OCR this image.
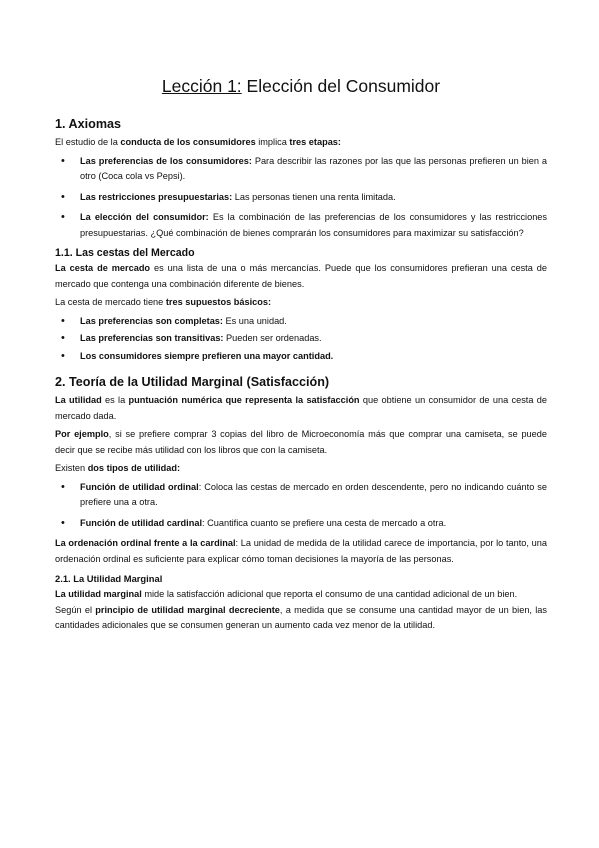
Lección 1: Elección del Consumidor
1. Axiomas

El estudio de la conducta de los consumidores implica tres etapas:

• Las preferencias de los consumidores: Para describir las razones por las que las personas prefieren un bien a otro (Coca cola vs Pepsi).
• Las restricciones presupuestarias: Las personas tienen una renta limitada.
• La elección del consumidor: Es la combinación de las preferencias de los consumidores y las restricciones presupuestarias. ¿Qué combinación de bienes comprarán los consumidores para maximizar su satisfacción?
1.1. Las cestas del Mercado

La cesta de mercado es una lista de una o más mercancías. Puede que los consumidores prefieran una cesta de mercado que contenga una combinación diferente de bienes.

La cesta de mercado tiene tres supuestos básicos:

• Las preferencias son completas: Es una unidad.
• Las preferencias son transitivas: Pueden ser ordenadas.
• Los consumidores siempre prefieren una mayor cantidad.
2. Teoría de la Utilidad Marginal (Satisfacción)

La utilidad es la puntuación numérica que representa la satisfacción que obtiene un consumidor de una cesta de mercado dada.

Por ejemplo, si se prefiere comprar 3 copias del libro de Microeconomía más que comprar una camiseta, se puede decir que se recibe más utilidad con los libros que con la camiseta.

Existen dos tipos de utilidad:

• Función de utilidad ordinal: Coloca las cestas de mercado en orden descendente, pero no indicando cuánto se prefiere una a otra.
• Función de utilidad cardinal: Cuantifica cuanto se prefiere una cesta de mercado a otra.

La ordenación ordinal frente a la cardinal: La unidad de medida de la utilidad carece de importancia, por lo tanto, una ordenación ordinal es suficiente para explicar cómo toman decisiones la mayoría de las personas.

2.1. La Utilidad Marginal

La utilidad marginal mide la satisfacción adicional que reporta el consumo de una cantidad adicional de un bien.

Según el principio de utilidad marginal decreciente, a medida que se consume una cantidad mayor de un bien, las cantidades adicionales que se consumen generan un aumento cada vez menor de la utilidad.
